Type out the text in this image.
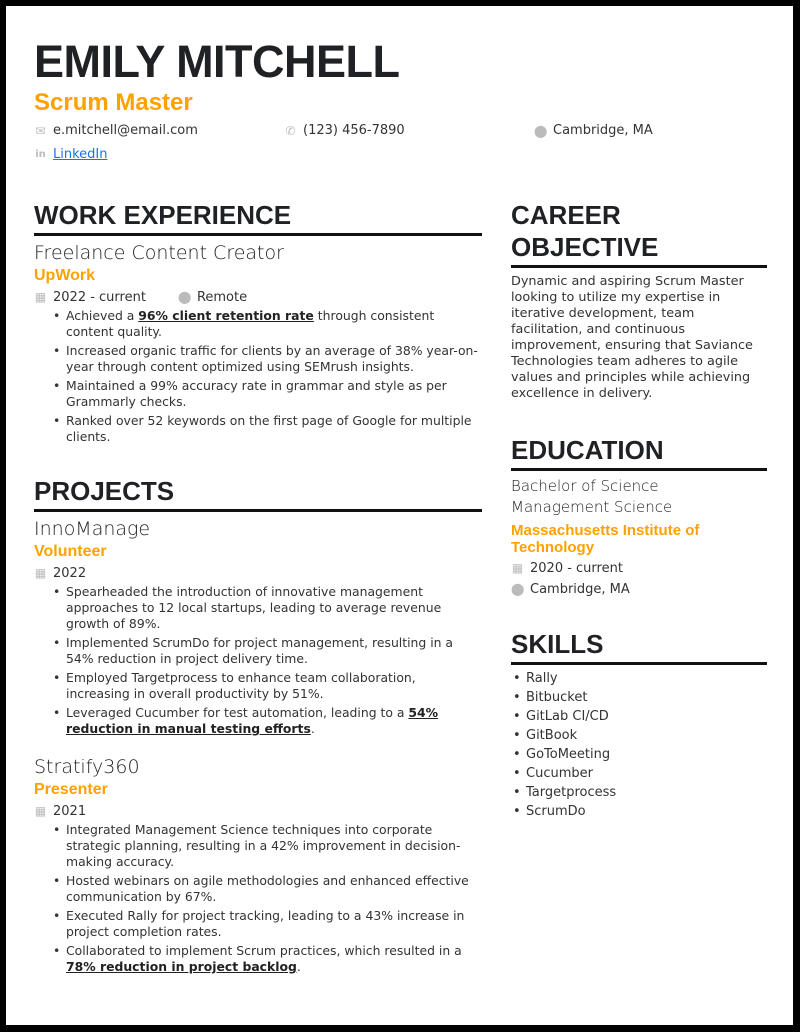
EMILY MITCHELL
Scrum Master
✉ e.mitchell@email.com	✆ (123) 456-7890	⬤ Cambridge, MA
in LinkedIn
WORK EXPERIENCE
Freelance Content Creator
UpWork
▦ 2022 - current	⬤ Remote
• Achieved a 96% client retention rate through consistent content quality.
• Increased organic traffic for clients by an average of 38% year-on-year through content optimized using SEMrush insights.
• Maintained a 99% accuracy rate in grammar and style as per Grammarly checks.
• Ranked over 52 keywords on the first page of Google for multiple clients.
PROJECTS
InnoManage
Volunteer
▦ 2022
• Spearheaded the introduction of innovative management approaches to 12 local startups, leading to average revenue growth of 89%.
• Implemented ScrumDo for project management, resulting in a 54% reduction in project delivery time.
• Employed Targetprocess to enhance team collaboration, increasing in overall productivity by 51%.
• Leveraged Cucumber for test automation, leading to a 54% reduction in manual testing efforts.
Stratify360
Presenter
▦ 2021
• Integrated Management Science techniques into corporate strategic planning, resulting in a 42% improvement in decision-making accuracy.
• Hosted webinars on agile methodologies and enhanced effective communication by 67%.
• Executed Rally for project tracking, leading to a 43% increase in project completion rates.
• Collaborated to implement Scrum practices, which resulted in a 78% reduction in project backlog.
CAREER OBJECTIVE
Dynamic and aspiring Scrum Master looking to utilize my expertise in iterative development, team facilitation, and continuous improvement, ensuring that Saviance Technologies team adheres to agile values and principles while achieving excellence in delivery.
EDUCATION
Bachelor of Science
Management Science
Massachusetts Institute of Technology
▦ 2020 - current
⬤ Cambridge, MA
SKILLS
• Rally
• Bitbucket
• GitLab CI/CD
• GitBook
• GoToMeeting
• Cucumber
• Targetprocess
• ScrumDo
